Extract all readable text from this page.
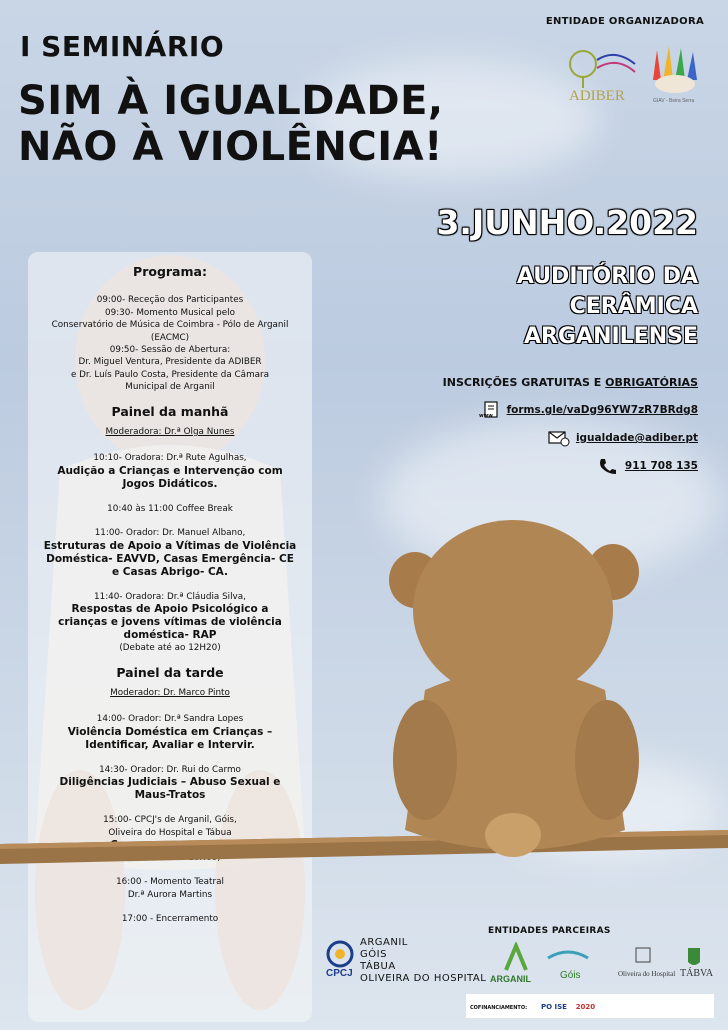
I SEMINÁRIO
SIM À IGUALDADE,
NÃO À VIOLÊNCIA!
ENTIDADE ORGANIZADORA
ADIBER	GIAV - Beira Serra
3.JUNHO.2022
AUDITÓRIO DA
CERÂMICA
ARGANILENSE
INSCRIÇÕES GRATUITAS E OBRIGATÓRIAS
www forms.gle/vaDg96YW7zR7BRdg8
igualdade@adiber.pt
911 708 135
Programa:
09:00- Receção dos Participantes
09:30- Momento Musical pelo
Conservatório de Música de Coimbra - Pólo de Arganil
(EACMC)
09:50- Sessão de Abertura:
Dr. Miguel Ventura, Presidente da ADIBER
e Dr. Luís Paulo Costa, Presidente da Câmara
Municipal de Arganil
Painel da manhã
Moderadora: Dr.ª Olga Nunes
10:10- Oradora: Dr.ª Rute Agulhas,
Audição a Crianças e Intervenção com
Jogos Didáticos.
10:40 às 11:00 Coffee Break
11:00- Orador: Dr. Manuel Albano,
Estruturas de Apoio a Vítimas de Violência
Doméstica- EAVVD, Casas Emergência- CE
e Casas Abrigo- CA.
11:40- Oradora: Dr.ª Cláudia Silva,
Respostas de Apoio Psicológico a
crianças e jovens vítimas de violência
doméstica- RAP
(Debate até ao 12H20)
Painel da tarde
Moderador: Dr. Marco Pinto
14:00- Orador: Dr.ª Sandra Lopes
Violência Doméstica em Crianças –
Identificar, Avaliar e Intervir.
14:30- Orador: Dr. Rui do Carmo
Diligências Judiciais – Abuso Sexual e
Maus-Tratos
15:00- CPCJ's de Arganil, Góis,
Oliveira do Hospital e Tábua
16:00 - Momento Teatral
Dr.ª Aurora Martins
17:00 - Encerramento
ENTIDADES PARCEIRAS
CPCJ
ARGANIL
GÓIS
TÁBUA
OLIVEIRA DO HOSPITAL ARGANIL	Góis	Oliveira do Hospital TÁBVA
COFINANCIAMENTO: PO ISE 2020
